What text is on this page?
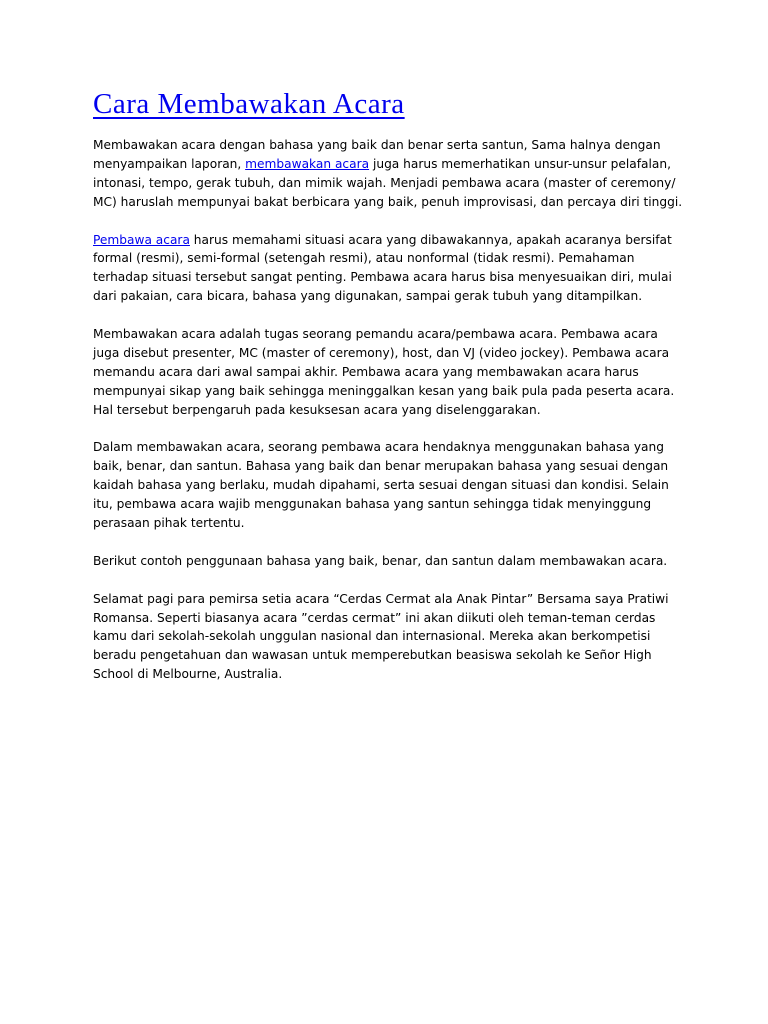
Cara Membawakan Acara

Membawakan acara dengan bahasa yang baik dan benar serta santun, Sama halnya dengan menyampaikan laporan, membawakan acara juga harus memerhatikan unsur-unsur pelafalan, intonasi, tempo, gerak tubuh, dan mimik wajah. Menjadi pembawa acara (master of ceremony/ MC) haruslah mempunyai bakat berbicara yang baik, penuh improvisasi, dan percaya diri tinggi.

Pembawa acara harus memahami situasi acara yang dibawakannya, apakah acaranya bersifat formal (resmi), semi-formal (setengah resmi), atau nonformal (tidak resmi). Pemahaman terhadap situasi tersebut sangat penting. Pembawa acara harus bisa menyesuaikan diri, mulai dari pakaian, cara bicara, bahasa yang digunakan, sampai gerak tubuh yang ditampilkan.

Membawakan acara adalah tugas seorang pemandu acara/pembawa acara. Pembawa acara juga disebut presenter, MC (master of ceremony), host, dan VJ (video jockey). Pembawa acara memandu acara dari awal sampai akhir. Pembawa acara yang membawakan acara harus mempunyai sikap yang baik sehingga meninggalkan kesan yang baik pula pada peserta acara. Hal tersebut berpengaruh pada kesuksesan acara yang diselenggarakan.

Dalam membawakan acara, seorang pembawa acara hendaknya menggunakan bahasa yang baik, benar, dan santun. Bahasa yang baik dan benar merupakan bahasa yang sesuai dengan kaidah bahasa yang berlaku, mudah dipahami, serta sesuai dengan situasi dan kondisi. Selain itu, pembawa acara wajib menggunakan bahasa yang santun sehingga tidak menyinggung perasaan pihak tertentu.

Berikut contoh penggunaan bahasa yang baik, benar, dan santun dalam membawakan acara.

Selamat pagi para pemirsa setia acara “Cerdas Cermat ala Anak Pintar” Bersama saya Pratiwi Romansa. Seperti biasanya acara ”cerdas cermat” ini akan diikuti oleh teman-teman cerdas kamu dari sekolah-sekolah unggulan nasional dan internasional. Mereka akan berkompetisi beradu pengetahuan dan wawasan untuk memperebutkan beasiswa sekolah ke Señor High School di Melbourne, Australia.
